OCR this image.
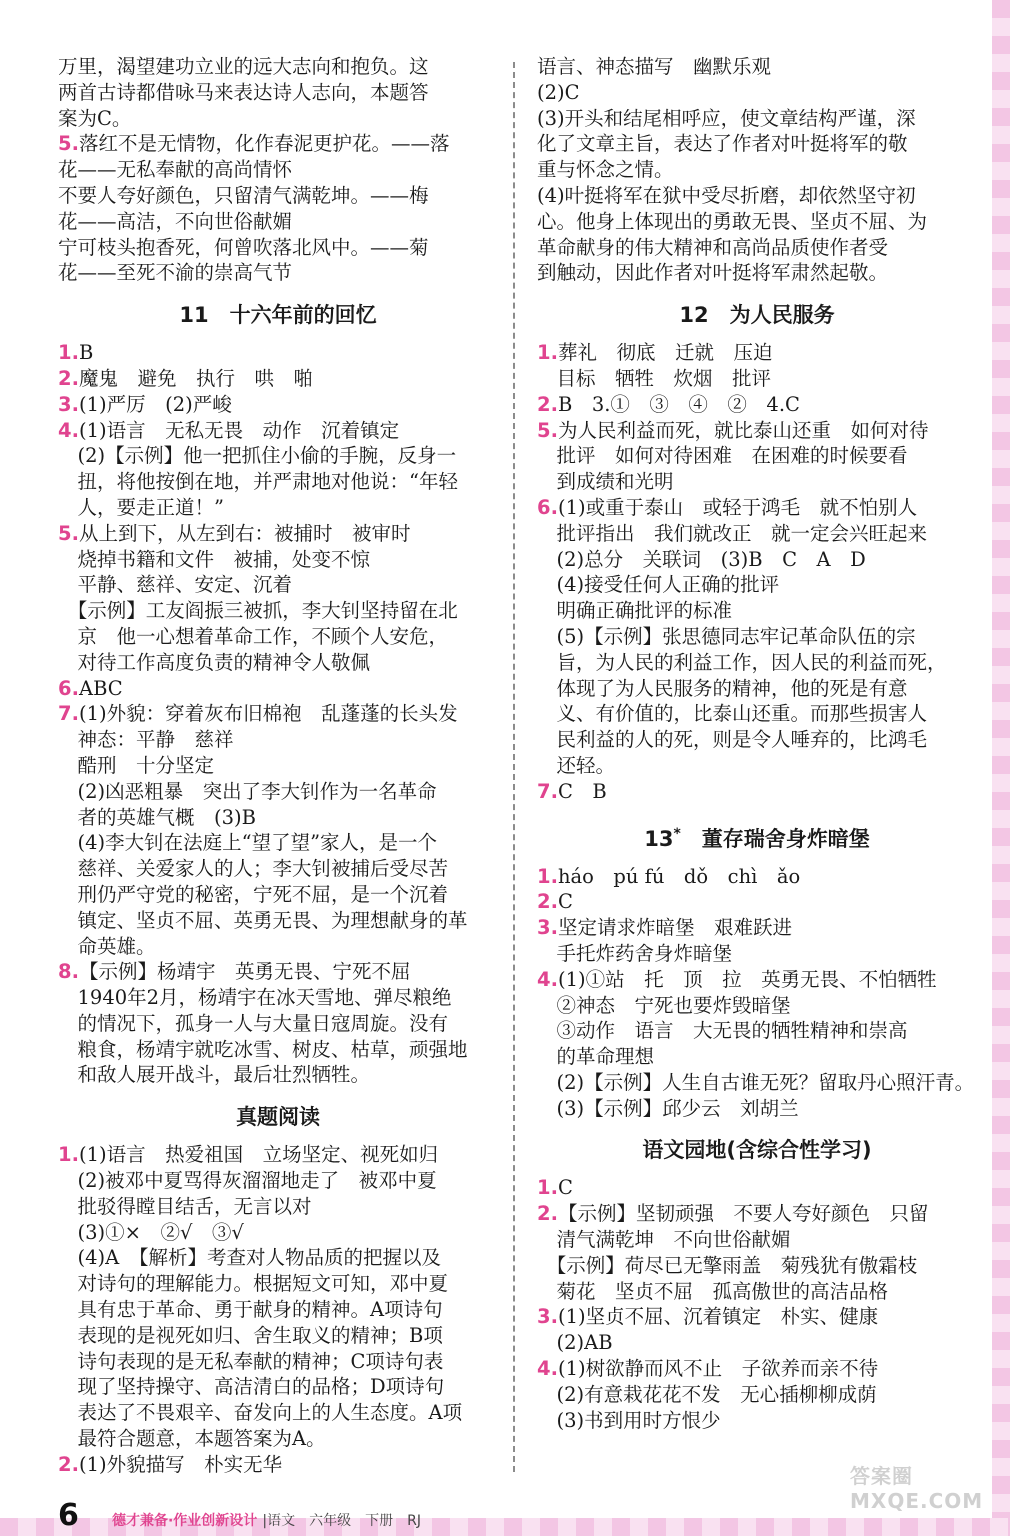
万里，渴望建功立业的远大志向和抱负。这

两首古诗都借咏马来表达诗人志向，本题答

案为C。

5.落红不是无情物，化作春泥更护花。——落

花——无私奉献的高尚情怀

不要人夸好颜色，只留清气满乾坤。——梅

花——高洁，不向世俗献媚

宁可枝头抱香死，何曾吹落北风中。——菊

花——至死不渝的崇高气节

11　十六年前的回忆

1.B

2.魔鬼　避免　执行　哄　啪

3.(1)严厉　(2)严峻

4.(1)语言　无私无畏　动作　沉着镇定

　(2)【示例】他一把抓住小偷的手腕，反身一

　扭，将他按倒在地，并严肃地对他说：“年轻

　人，要走正道！”

5.从上到下，从左到右：被捕时　被审时

　烧掉书籍和文件　被捕，处变不惊

　平静、慈祥、安定、沉着

　【示例】工友阎振三被抓，李大钊坚持留在北

　京　他一心想着革命工作，不顾个人安危，

　对待工作高度负责的精神令人敬佩

6.ABC

7.(1)外貌：穿着灰布旧棉袍　乱蓬蓬的长头发

　神态：平静　慈祥

　酷刑　十分坚定

　(2)凶恶粗暴　突出了李大钊作为一名革命

　者的英雄气概　(3)B

　(4)李大钊在法庭上“望了望”家人，是一个

　慈祥、关爱家人的人；李大钊被捕后受尽苦

　刑仍严守党的秘密，宁死不屈，是一个沉着

　镇定、坚贞不屈、英勇无畏、为理想献身的革

　命英雄。

8.【示例】杨靖宇　英勇无畏、宁死不屈

　1940年2月，杨靖宇在冰天雪地、弹尽粮绝

　的情况下，孤身一人与大量日寇周旋。没有

　粮食，杨靖宇就吃冰雪、树皮、枯草，顽强地

　和敌人展开战斗，最后壮烈牺牲。

真题阅读

1.(1)语言　热爱祖国　立场坚定、视死如归

　(2)被邓中夏骂得灰溜溜地走了　被邓中夏

　批驳得瞠目结舌，无言以对

　(3)①×　②√　③√

　(4)A　【解析】考查对人物品质的把握以及

　对诗句的理解能力。根据短文可知，邓中夏

　具有忠于革命、勇于献身的精神。A项诗句

　表现的是视死如归、舍生取义的精神；B项

　诗句表现的是无私奉献的精神；C项诗句表

　现了坚持操守、高洁清白的品格；D项诗句

　表达了不畏艰辛、奋发向上的人生态度。A项

　最符合题意，本题答案为A。

2.(1)外貌描写　朴实无华

语言、神态描写　幽默乐观

(2)C

(3)开头和结尾相呼应，使文章结构严谨，深

化了文章主旨，表达了作者对叶挺将军的敬

重与怀念之情。

(4)叶挺将军在狱中受尽折磨，却依然坚守初

心。他身上体现出的勇敢无畏、坚贞不屈、为

革命献身的伟大精神和高尚品质使作者受

到触动，因此作者对叶挺将军肃然起敬。

12　为人民服务

1.葬礼　彻底　迁就　压迫

　目标　牺牲　炊烟　批评

2.B　3.①　③　④　②　4.C

5.为人民利益而死，就比泰山还重　如何对待

　批评　如何对待困难　在困难的时候要看

　到成绩和光明

6.(1)或重于泰山　或轻于鸿毛　就不怕别人

　批评指出　我们就改正　就一定会兴旺起来

　(2)总分　关联词　(3)B　C　A　D

　(4)接受任何人正确的批评

　明确正确批评的标准

　(5)【示例】张思德同志牢记革命队伍的宗

　旨，为人民的利益工作，因人民的利益而死，

　体现了为人民服务的精神，他的死是有意

　义、有价值的，比泰山还重。而那些损害人

　民利益的人的死，则是令人唾弃的，比鸿毛

　还轻。

7.C　B

13*　董存瑞舍身炸暗堡

1.háo　pú fú　dǒ　chì　ǎo

2.C

3.坚定请求炸暗堡　艰难跃进

　手托炸药舍身炸暗堡

4.(1)①站　托　顶　拉　英勇无畏、不怕牺牲

　②神态　宁死也要炸毁暗堡

　③动作　语言　大无畏的牺牲精神和崇高

　的革命理想

　(2)【示例】人生自古谁无死？留取丹心照汗青。

　(3)【示例】邱少云　刘胡兰

语文园地(含综合性学习)

1.C

2.【示例】坚韧顽强　不要人夸好颜色　只留

　清气满乾坤　不向世俗献媚

　【示例】荷尽已无擎雨盖　菊残犹有傲霜枝

　菊花　坚贞不屈　孤高傲世的高洁品格

3.(1)坚贞不屈、沉着镇定　朴实、健康

　(2)AB

4.(1)树欲静而风不止　子欲养而亲不待

　(2)有意栽花花不发　无心插柳柳成荫

　(3)书到用时方恨少

6 德才兼备·作业创新设计 |语文　六年级　下册　RJ
答案圈 MXQE.COM
